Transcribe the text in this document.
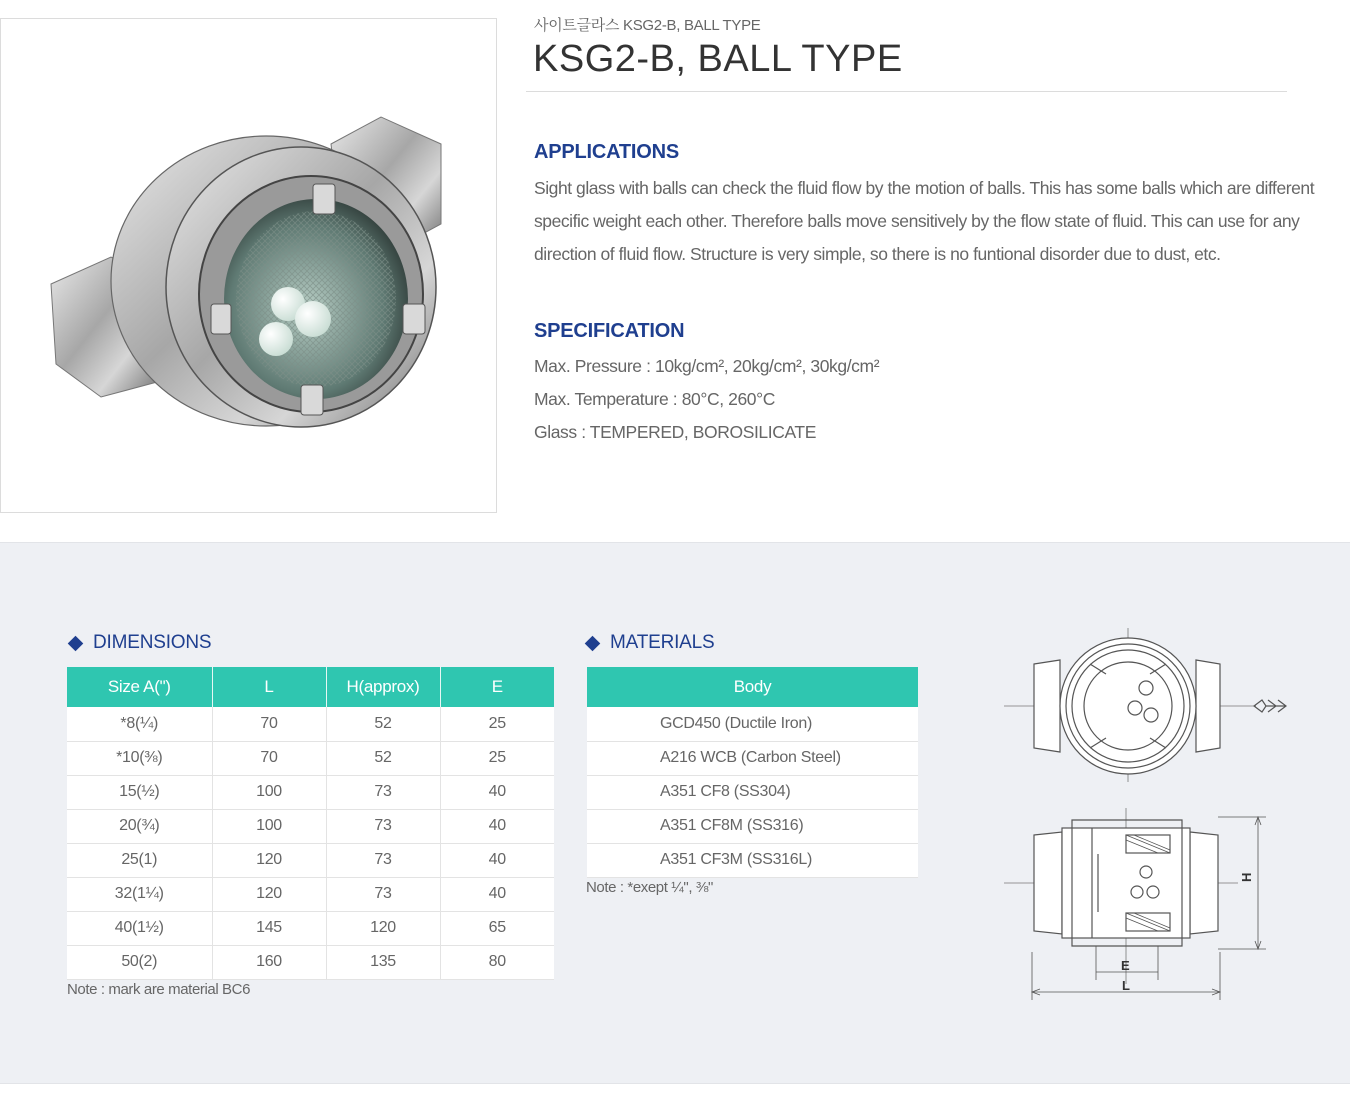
사이트글라스 KSG2-B, BALL TYPE
KSG2-B, BALL TYPE
APPLICATIONS

Sight glass with balls can check the fluid flow by the motion of balls. This has some balls which are different specific weight each other. Therefore balls move sensitively by the flow state of fluid. This can use for any direction of fluid flow. Structure is very simple, so there is no funtional disorder due to dust, etc.

SPECIFICATION
Max. Pressure : 10kg/cm², 20kg/cm², 30kg/cm²
Max. Temperature : 80°C, 260°C
Glass : TEMPERED, BOROSILICATE
DIMENSIONS
Size A(")	L	H(approx)	E
*8(¼)	70	52	25
*10(⅜)	70	52	25
15(½)	100	73	40
20(¾)	100	73	40
25(1)	120	73	40
32(1¼)	120	73	40
40(1½)	145	120	65
50(2)	160	135	80
Note : mark are material BC6
MATERIALS
Body
GCD450 (Ductile Iron)
A216 WCB (Carbon Steel)
A351 CF8 (SS304)
A351 CF8M (SS316)
A351 CF3M (SS316L)
Note : *exept ¼", ⅜"
H
E
L
